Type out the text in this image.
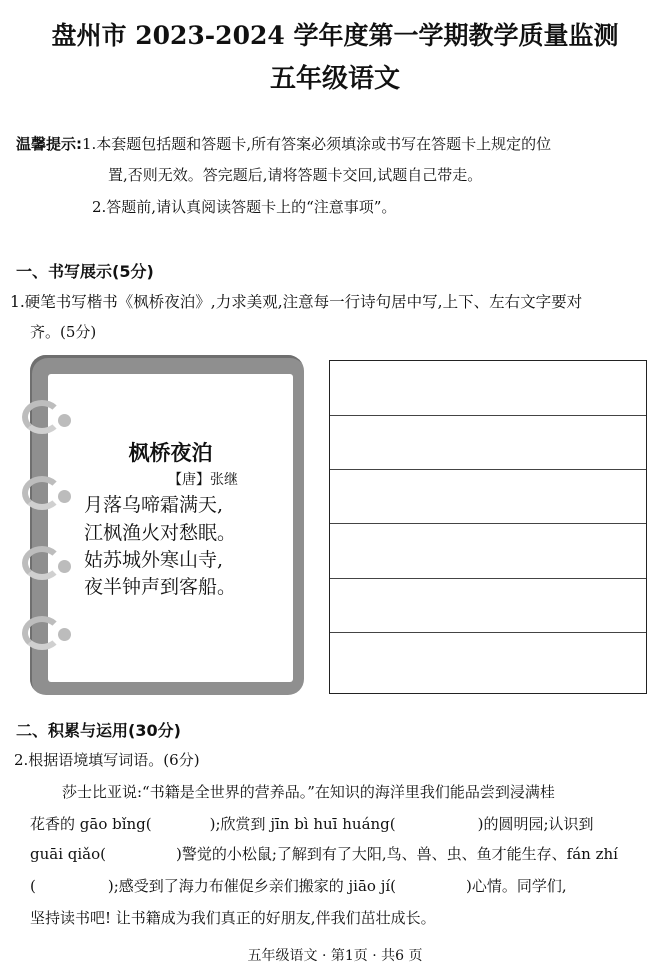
盘州市 2023-2024 学年度第一学期教学质量监测
五年级语文
温馨提示:1.本套题包括题和答题卡,所有答案必须填涂或书写在答题卡上规定的位
置,否则无效。答完题后,请将答题卡交回,试题自己带走。
2.答题前,请认真阅读答题卡上的“注意事项”。
一、书写展示(5分)
1.硬笔书写楷书《枫桥夜泊》,力求美观,注意每一行诗句居中写,上下、左右文字要对
齐。(5分)
枫桥夜泊
【唐】张继
月落乌啼霜满天,
江枫渔火对愁眠。
姑苏城外寒山寺,
夜半钟声到客船。
二、积累与运用(30分)
2.根据语境填写词语。(6分)
莎士比亚说:“书籍是全世界的营养品。”在知识的海洋里我们能品尝到浸满桂
花香的 gāo bǐng(	);欣赏到 jīn bì huī huáng(	)的圆明园;认识到
guāi qiǎo(	)警觉的小松鼠;了解到有了大阳,鸟、兽、虫、鱼才能生存、fán zhí
(	);感受到了海力布催促乡亲们搬家的 jiāo jí(	)心情。同学们,
坚持读书吧! 让书籍成为我们真正的好朋友,伴我们茁壮成长。
五年级语文 · 第1页 · 共6 页
